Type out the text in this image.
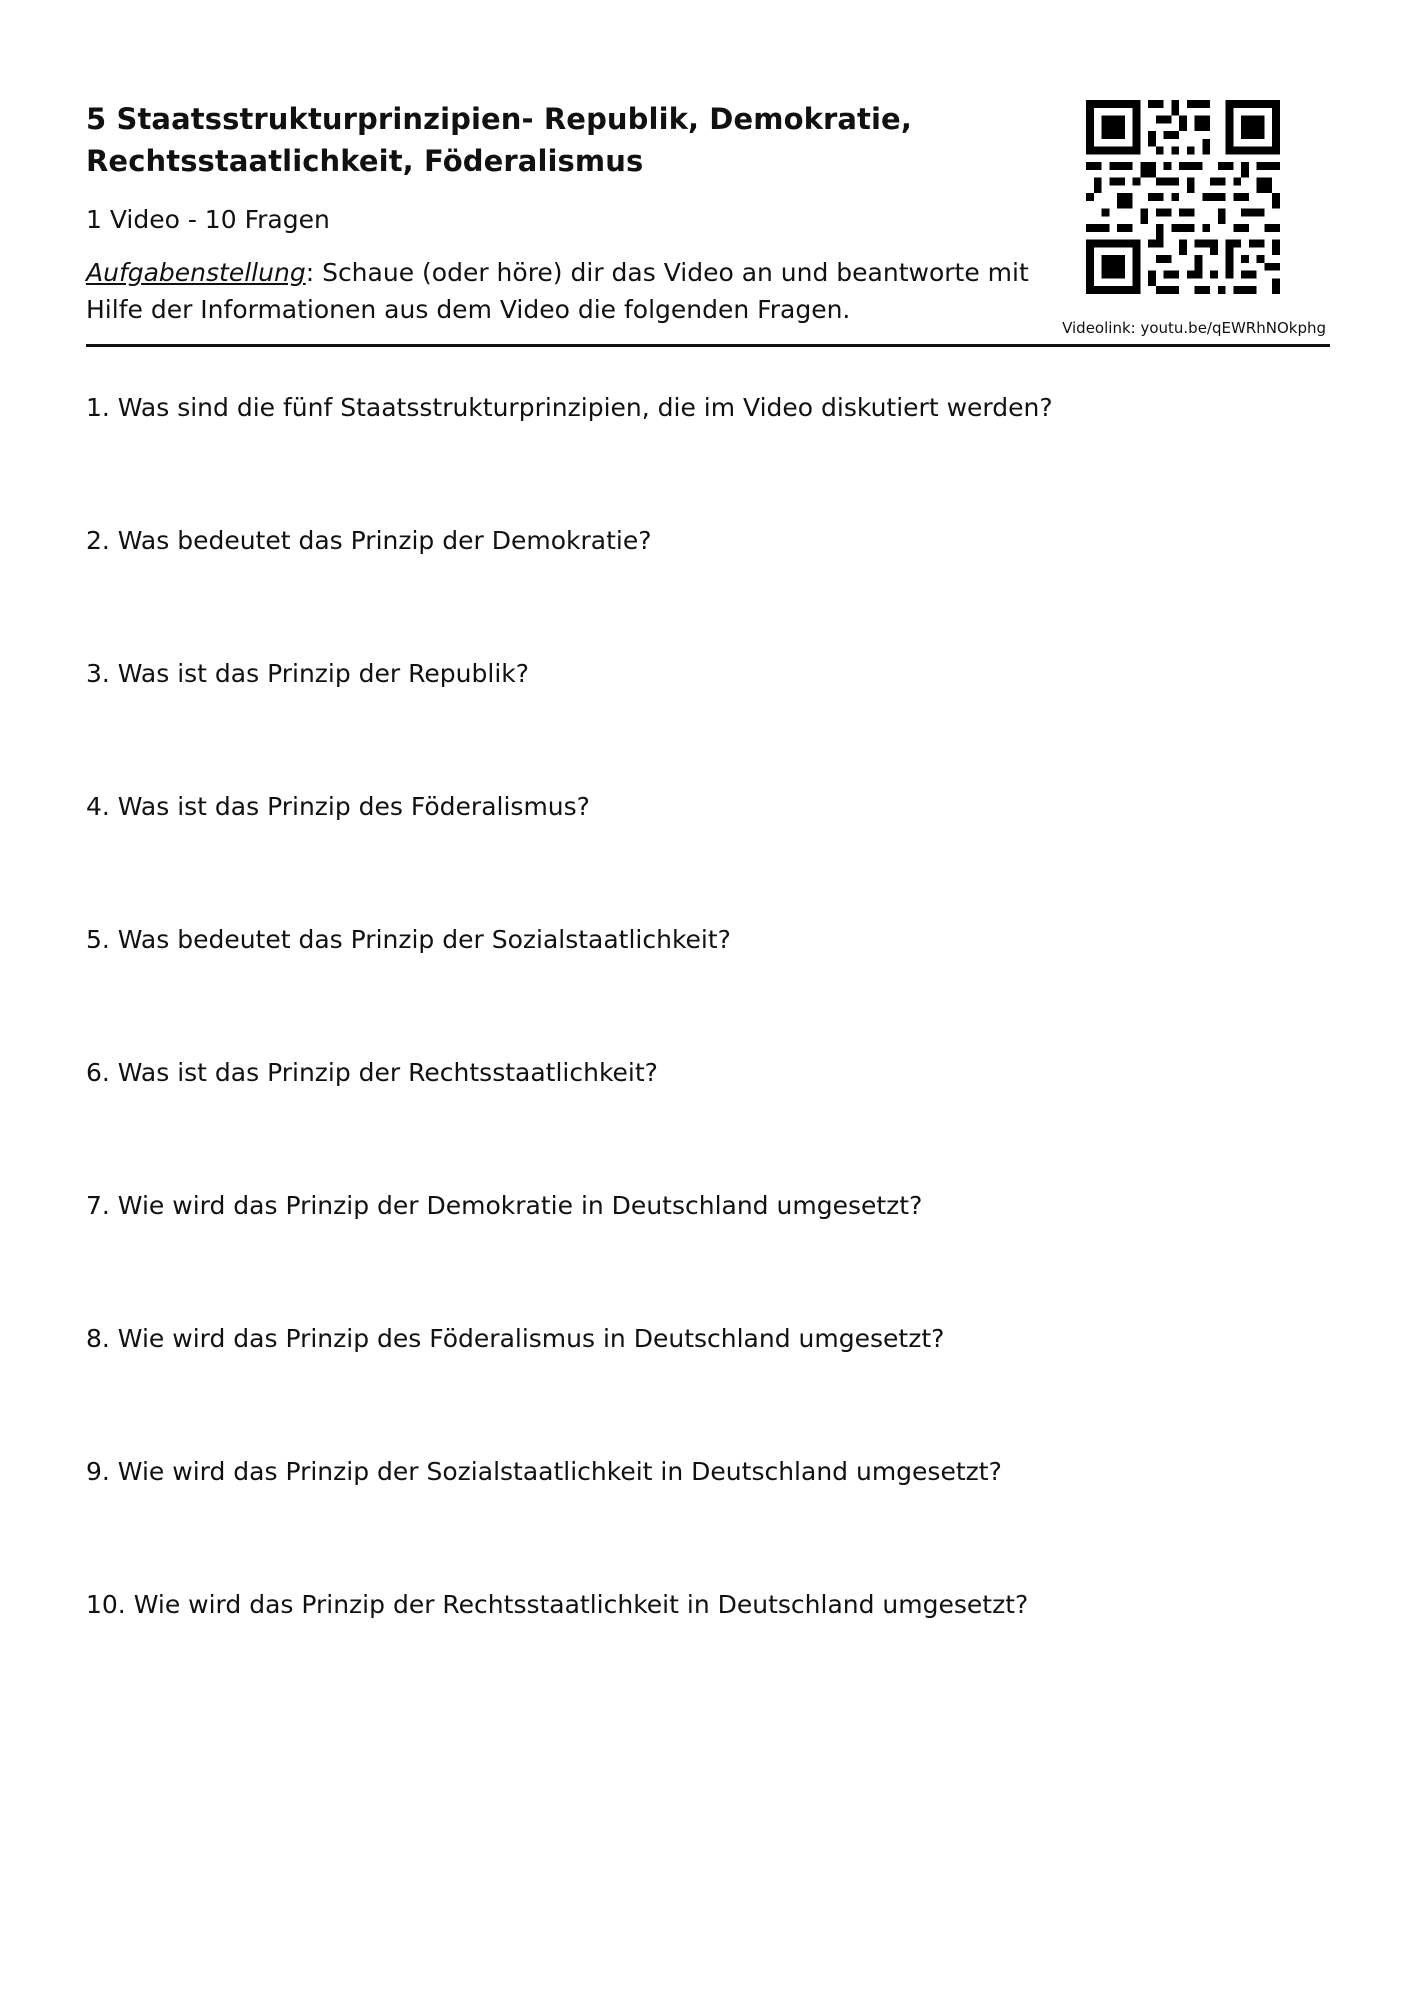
5 Staatsstrukturprinzipien- Republik, Demokratie,
Rechtsstaatlichkeit, Föderalismus

1 Video - 10 Fragen

Aufgabenstellung: Schaue (oder höre) dir das Video an und beantworte mit Hilfe der Informationen aus dem Video die folgenden Fragen.

Videolink: youtu.be/qEWRhNOkphg

1. Was sind die fünf Staatsstrukturprinzipien, die im Video diskutiert werden?

2. Was bedeutet das Prinzip der Demokratie?

3. Was ist das Prinzip der Republik?

4. Was ist das Prinzip des Föderalismus?

5. Was bedeutet das Prinzip der Sozialstaatlichkeit?

6. Was ist das Prinzip der Rechtsstaatlichkeit?

7. Wie wird das Prinzip der Demokratie in Deutschland umgesetzt?

8. Wie wird das Prinzip des Föderalismus in Deutschland umgesetzt?

9. Wie wird das Prinzip der Sozialstaatlichkeit in Deutschland umgesetzt?

10. Wie wird das Prinzip der Rechtsstaatlichkeit in Deutschland umgesetzt?
